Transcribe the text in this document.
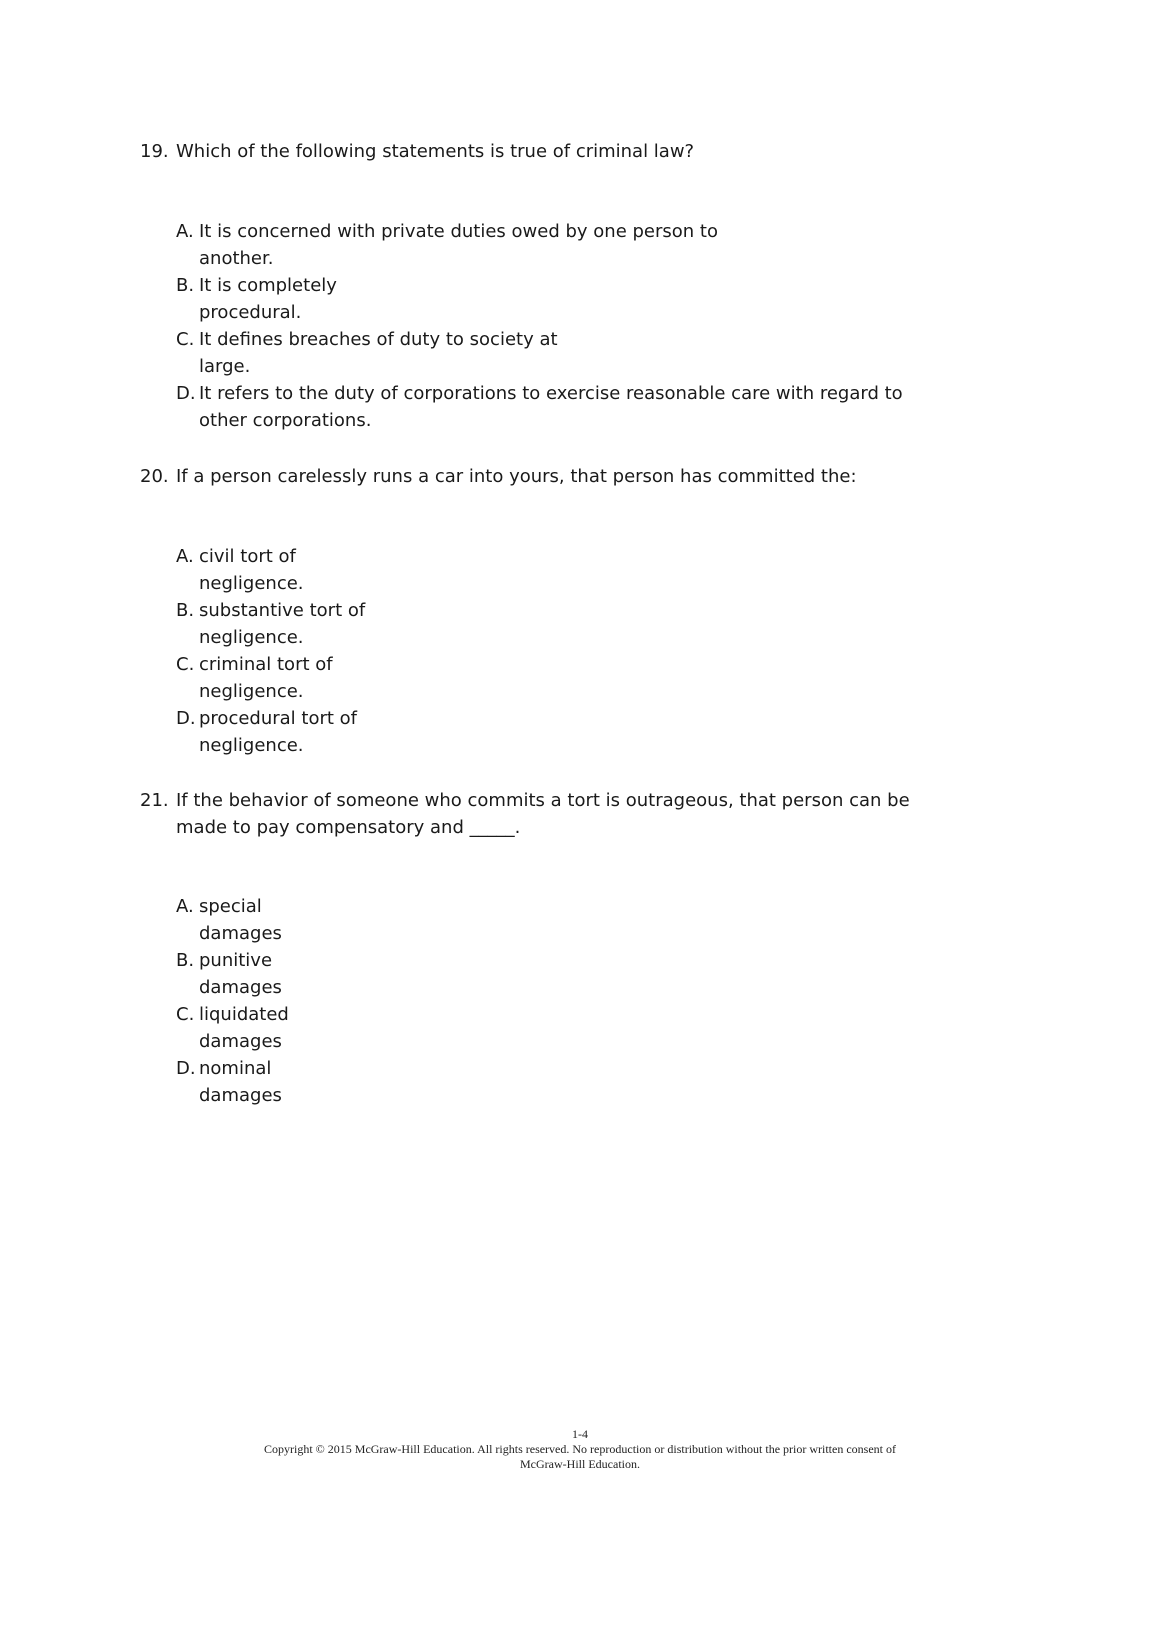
19. Which of the following statements is true of criminal law?
A. It is concerned with private duties owed by one person to
another.
B. It is completely
procedural.
C. It defines breaches of duty to society at
large.
D. It refers to the duty of corporations to exercise reasonable care with regard to
other corporations.
20. If a person carelessly runs a car into yours, that person has committed the:
A. civil tort of
negligence.
B. substantive tort of
negligence.
C. criminal tort of
negligence.
D. procedural tort of
negligence.
21. If the behavior of someone who commits a tort is outrageous, that person can be
made to pay compensatory and _____.
A. special
damages
B. punitive
damages
C. liquidated
damages
D. nominal
damages
1-4
Copyright © 2015 McGraw-Hill Education. All rights reserved. No reproduction or distribution without the prior written consent of
McGraw-Hill Education.
